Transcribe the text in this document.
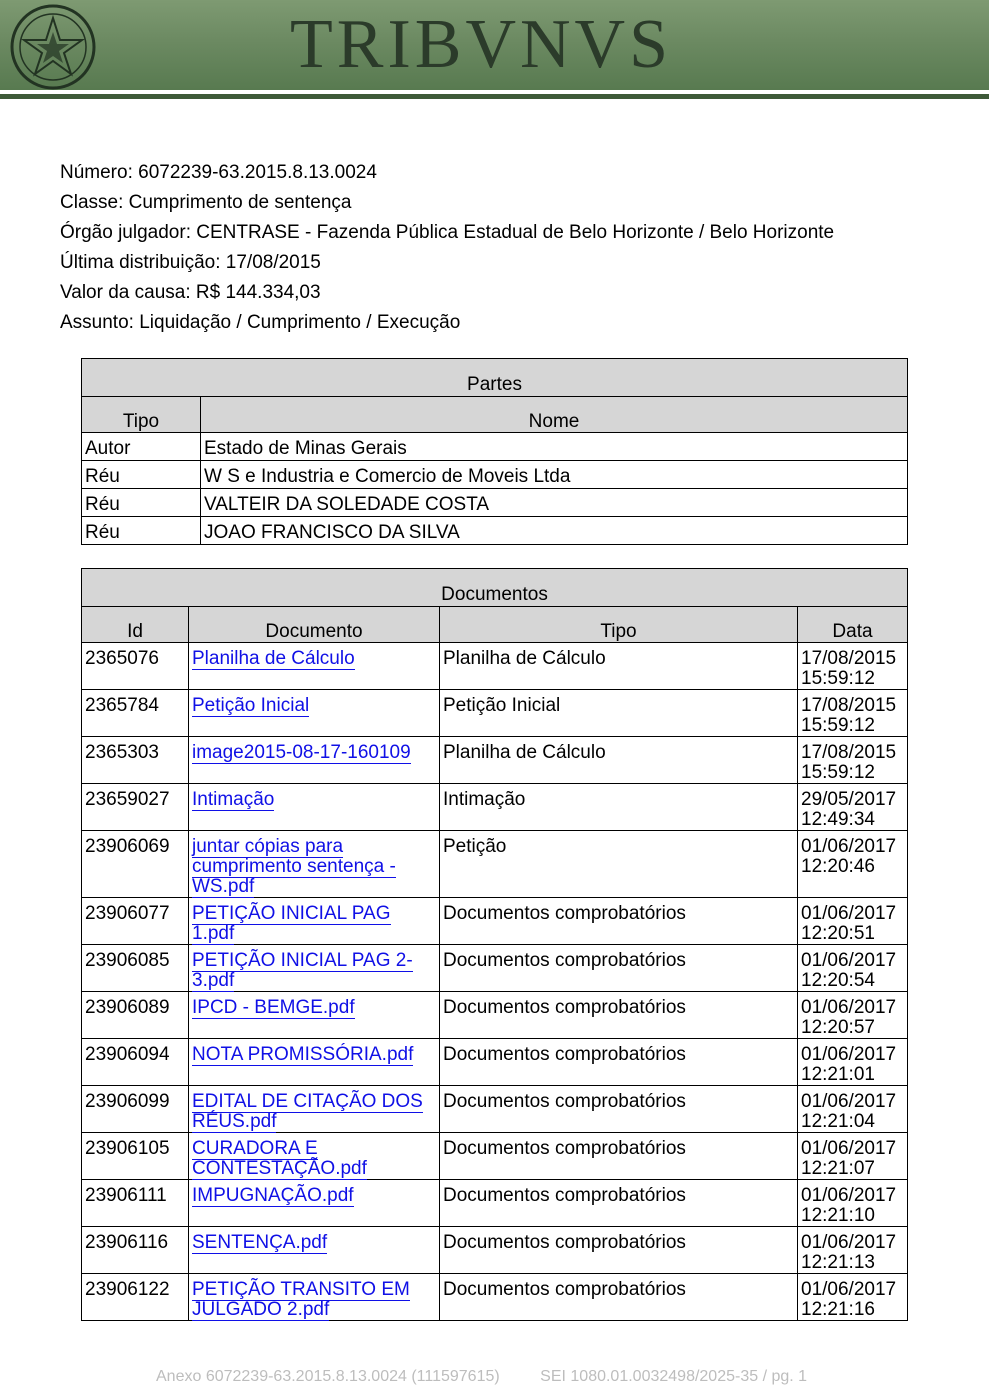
TRIBVNVS
Número: 6072239-63.2015.8.13.0024
Classe: Cumprimento de sentença
Órgão julgador: CENTRASE - Fazenda Pública Estadual de Belo Horizonte / Belo Horizonte
Última distribuição: 17/08/2015
Valor da causa: R$ 144.334,03
Assunto: Liquidação / Cumprimento / Execução
Partes	
Tipo	Nome
Autor	Estado de Minas Gerais
Réu	W S e Industria e Comercio de Moveis Ltda
Réu	VALTEIR DA SOLEDADE COSTA
Réu	JOAO FRANCISCO DA SILVA
Documentos			
Id	Documento	Tipo	Data
2365076	Planilha de Cálculo	Planilha de Cálculo	17/08/2015 15:59:12
2365784	Petição Inicial	Petição Inicial	17/08/2015 15:59:12
2365303	image2015-08-17-160109	Planilha de Cálculo	17/08/2015 15:59:12
23659027	Intimação	Intimação	29/05/2017 12:49:34
23906069	juntar cópias para cumprimento sentença - WS.pdf	Petição	01/06/2017 12:20:46
23906077	PETIÇÃO INICIAL PAG 1.pdf	Documentos comprobatórios	01/06/2017 12:20:51
23906085	PETIÇÃO INICIAL PAG 2-3.pdf	Documentos comprobatórios	01/06/2017 12:20:54
23906089	IPCD - BEMGE.pdf	Documentos comprobatórios	01/06/2017 12:20:57
23906094	NOTA PROMISSÓRIA.pdf	Documentos comprobatórios	01/06/2017 12:21:01
23906099	EDITAL DE CITAÇÃO DOS RÉUS.pdf	Documentos comprobatórios	01/06/2017 12:21:04
23906105	CURADORA E CONTESTAÇÃO.pdf	Documentos comprobatórios	01/06/2017 12:21:07
23906111	IMPUGNAÇÃO.pdf	Documentos comprobatórios	01/06/2017 12:21:10
23906116	SENTENÇA.pdf	Documentos comprobatórios	01/06/2017 12:21:13
23906122	PETIÇÃO TRANSITO EM JULGADO 2.pdf	Documentos comprobatórios	01/06/2017 12:21:16
Anexo 6072239-63.2015.8.13.0024 (111597615)	SEI 1080.01.0032498/2025-35 / pg. 1
